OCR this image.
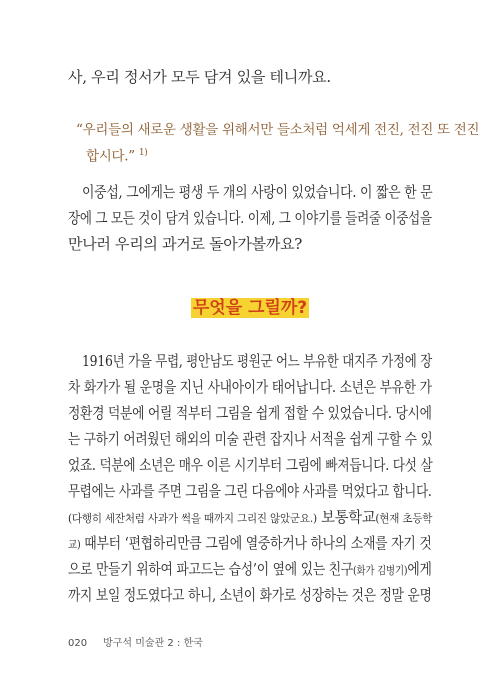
사, 우리 정서가 모두 담겨 있을 테니까요.
“우리들의 새로운 생활을 위해서만 들소처럼 억세게 전진, 전진 또 전진
합시다.” $^{1)}$
이중섭, 그에게는 평생 두 개의 사랑이 있었습니다. 이 짧은 한 문
장에 그 모든 것이 담겨 있습니다. 이제, 그 이야기를 들려줄 이중섭을
만나러 우리의 과거로 돌아가볼까요?
무엇을 그릴까?
1916년 가을 무렵, 평안남도 평원군 어느 부유한 대지주 가정에 장
차 화가가 될 운명을 지닌 사내아이가 태어납니다. 소년은 부유한 가
정환경 덕분에 어릴 적부터 그림을 쉽게 접할 수 있었습니다. 당시에
는 구하기 어려웠던 해외의 미술 관련 잡지나 서적을 쉽게 구할 수 있
었죠. 덕분에 소년은 매우 이른 시기부터 그림에 빠져듭니다. 다섯 살
무렵에는 사과를 주면 그림을 그린 다음에야 사과를 먹었다고 합니다.
(다행히 세잔처럼 사과가 썩을 때까지 그리진 않았군요.) 보통학교(현재 초등학
교) 때부터 ‘편협하리만큼 그림에 열중하거나 하나의 소재를 자기 것
으로 만들기 위하여 파고드는 습성’이 옆에 있는 친구(화가 김병기)에게
까지 보일 정도였다고 하니, 소년이 화가로 성장하는 것은 정말 운명
020 방구석 미술관 2 : 한국
